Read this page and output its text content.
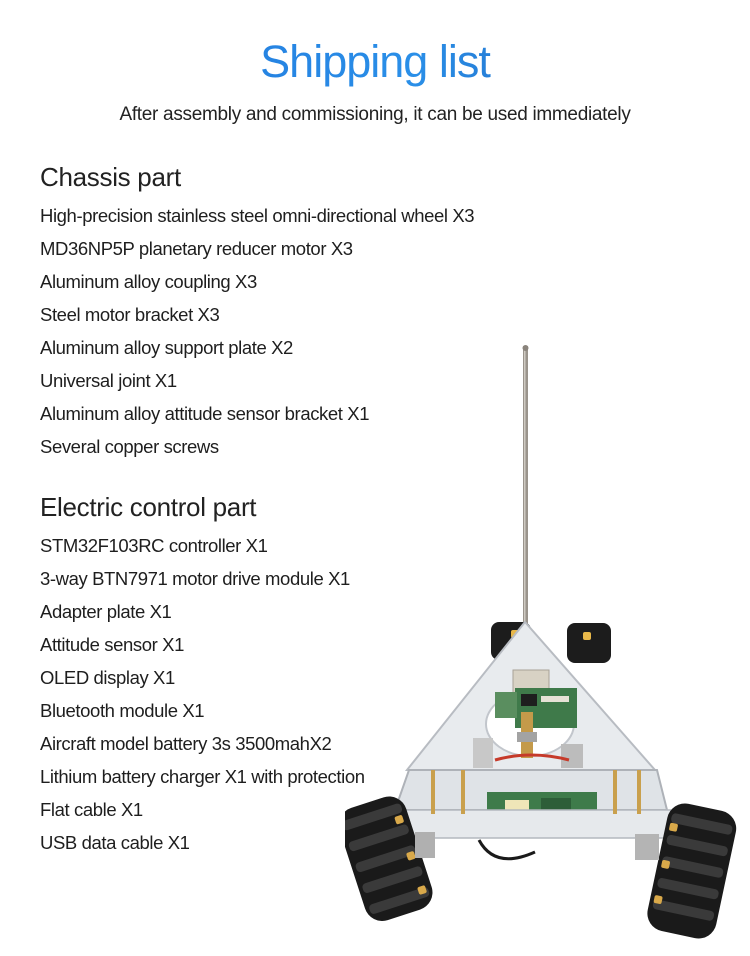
Shipping list
After assembly and commissioning, it can be used immediately
Chassis part
High-precision stainless steel omni-directional wheel X3
MD36NP5P planetary reducer motor X3
Aluminum alloy coupling X3
Steel motor bracket X3
Aluminum alloy support plate X2
Universal joint X1
Aluminum alloy attitude sensor bracket X1
Several copper screws
Electric control part
STM32F103RC controller X1
3-way BTN7971 motor drive module X1
Adapter plate X1
Attitude sensor X1
OLED display X1
Bluetooth module X1
Aircraft model battery 3s 3500mahX2
Lithium battery charger X1 with protection
Flat cable X1
USB data cable X1
